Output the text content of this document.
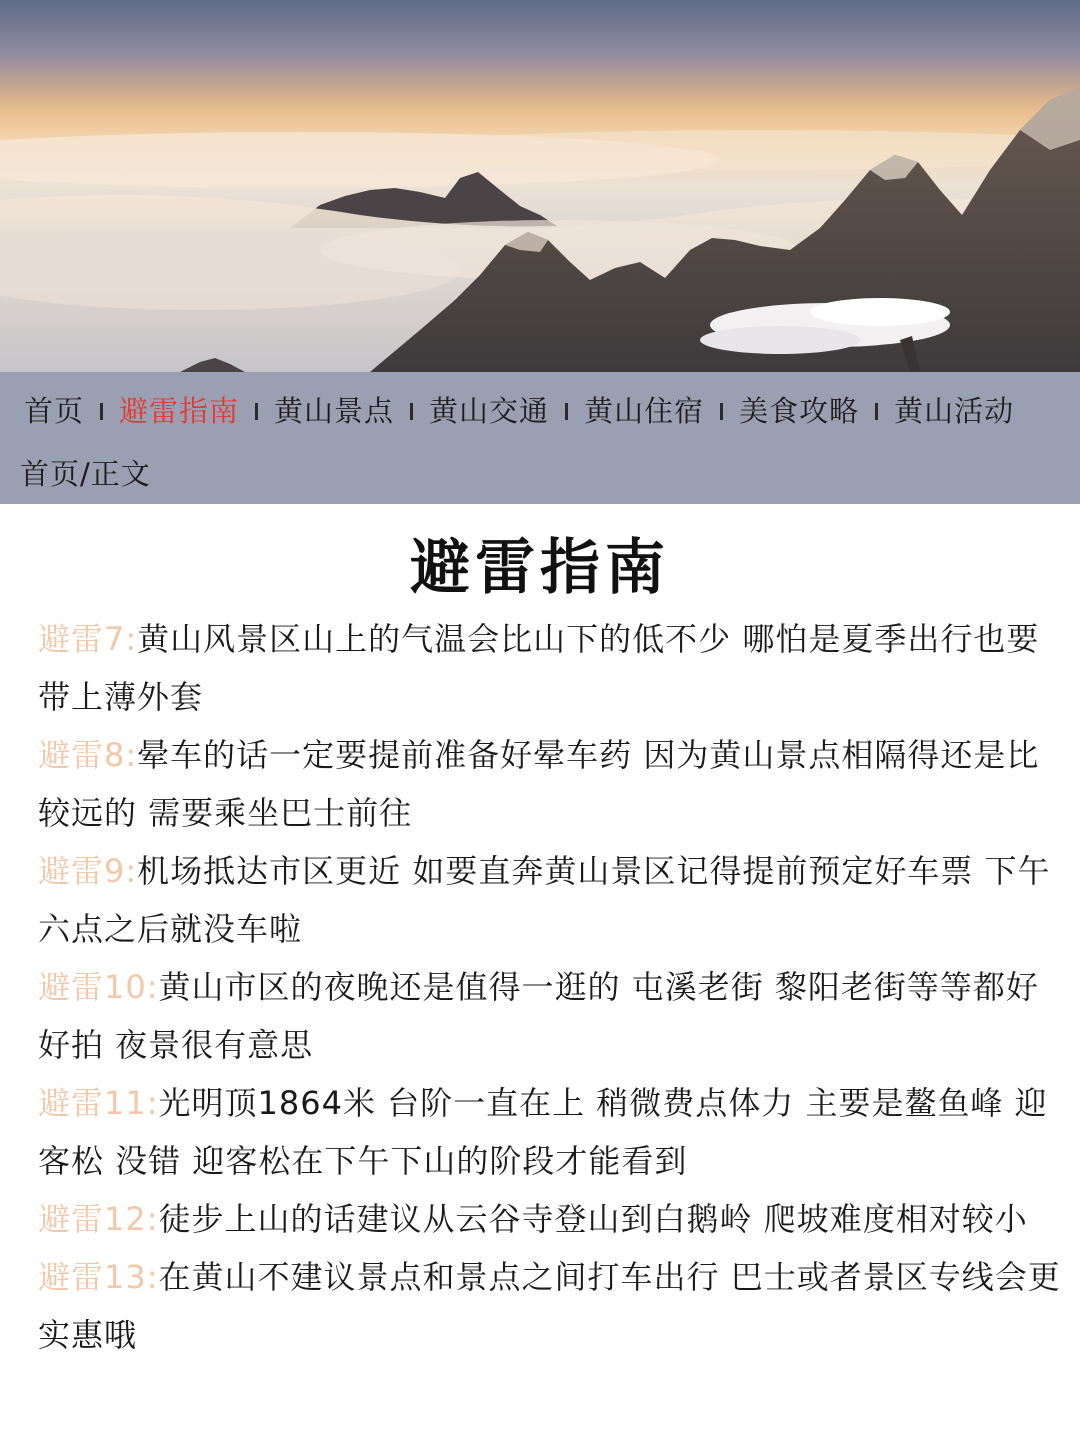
首页 避雷指南 黄山景点 黄山交通 黄山住宿 美食攻略 黄山活动
首页/正文
避雷指南

避雷7:黄山风景区山上的气温会比山下的低不少 哪怕是夏季出行也要带上薄外套

避雷8:晕车的话一定要提前准备好晕车药 因为黄山景点相隔得还是比较远的 需要乘坐巴士前往

避雷9:机场抵达市区更近 如要直奔黄山景区记得提前预定好车票 下午六点之后就没车啦

避雷10:黄山市区的夜晚还是值得一逛的 屯溪老街 黎阳老街等等都好好拍 夜景很有意思

避雷11:光明顶1864米 台阶一直在上 稍微费点体力 主要是鳌鱼峰 迎客松 没错 迎客松在下午下山的阶段才能看到

避雷12:徒步上山的话建议从云谷寺登山到白鹅岭 爬坡难度相对较小

避雷13:在黄山不建议景点和景点之间打车出行 巴士或者景区专线会更实惠哦
